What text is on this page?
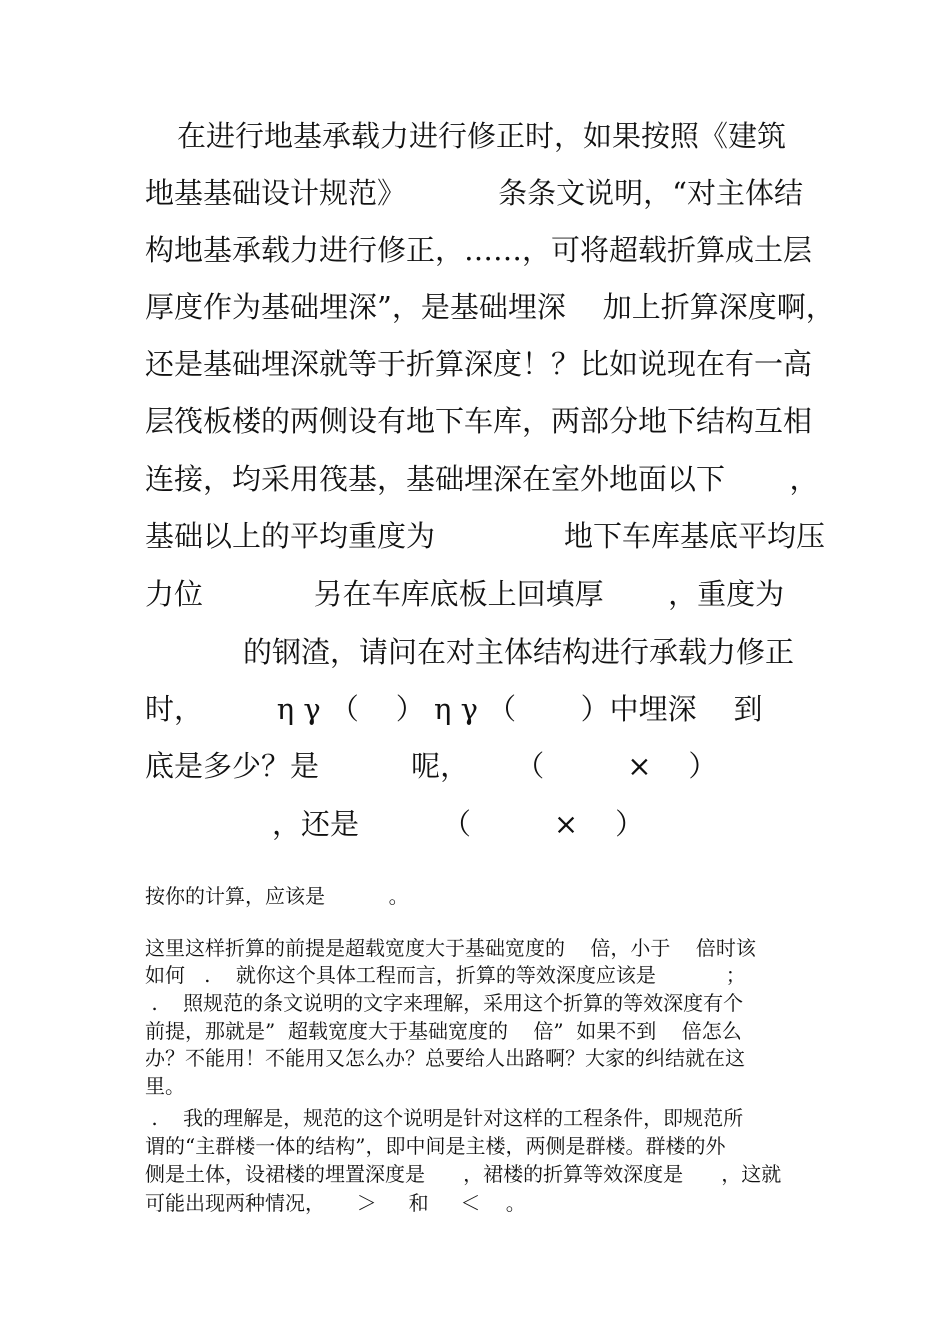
在进行地基承载力进行修正时，如果按照《建筑
地基基础设计规范》          条条文说明，“对主体结
构地基承载力进行修正，……，可将超载折算成土层
厚度作为基础埋深”，是基础埋深    加上折算深度啊，
还是基础埋深就等于折算深度！？比如说现在有一高
层筏板楼的两侧设有地下车库，两部分地下结构互相
连接，均采用筏基，基础埋深在室外地面以下       ，
基础以上的平均重度为              地下车库基底平均压
力位            另在车库底板上回填厚       ，重度为
的钢渣，请问在对主体结构进行承载力修正
时，        η γ （    ） η γ （       ）中埋深    到
底是多少？是          呢，     （         ×    ）
，还是         （         ×    ）
按你的计算，应该是          。
这里这样折算的前提是超载宽度大于基础宽度的    倍，小于    倍时该
如何   .    就你这个具体工程而言，折算的等效深度应该是           ；
.    照规范的条文说明的文字来理解，采用这个折算的等效深度有个
前提，那就是”  超载宽度大于基础宽度的    倍”  如果不到    倍怎么
办？不能用！不能用又怎么办？总要给人出路啊？大家的纠结就在这
里。
.    我的理解是，规范的这个说明是针对这样的工程条件，即规范所
谓的“主群楼一体的结构”，即中间是主楼，两侧是群楼。群楼的外
侧是土体，设裙楼的埋置深度是      ，裙楼的折算等效深度是      ，这就
可能出现两种情况，     ＞     和     ＜    。
